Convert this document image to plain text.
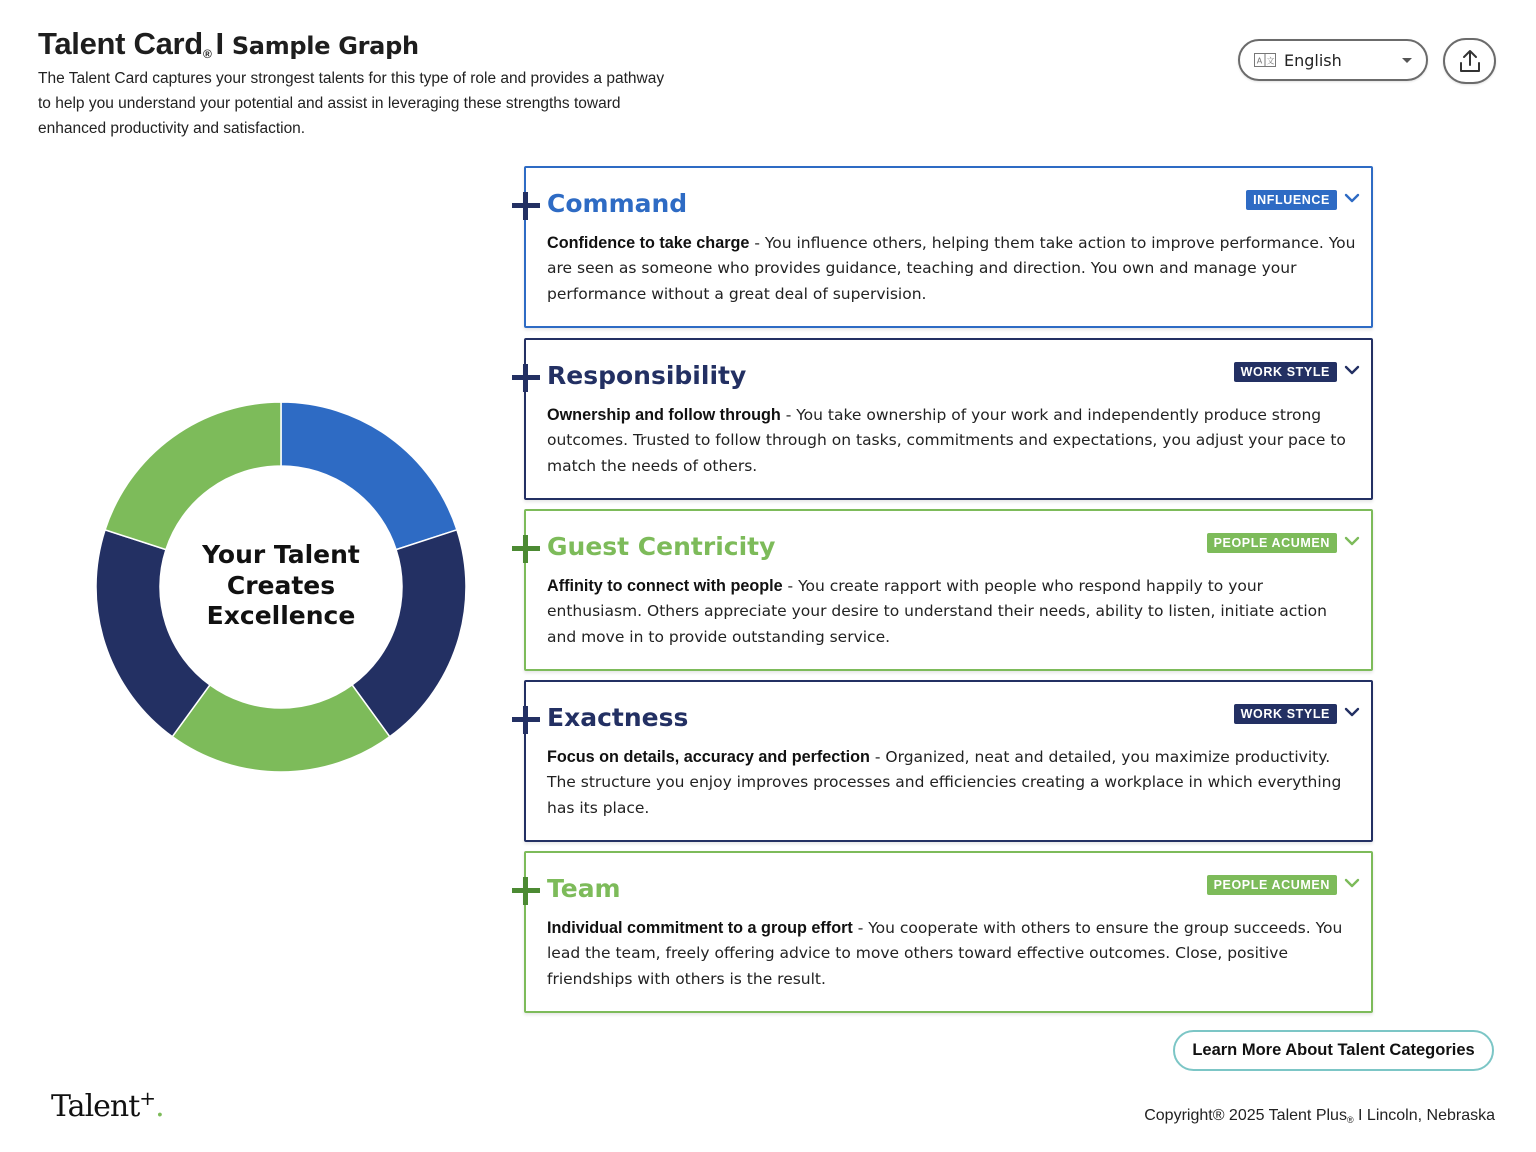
Talent Card® I Sample Graph

The Talent Card captures your strongest talents for this type of role and provides a pathway to help you understand your potential and assist in leveraging these strengths toward enhanced productivity and satisfaction.

A 文 English
Your Talent
Creates
Excellence
Command	INFLUENCE

Confidence to take charge - You influence others, helping them take action to improve performance. You are seen as someone who provides guidance, teaching and direction. You own and manage your performance without a great deal of supervision.

Responsibility	WORK STYLE

Ownership and follow through - You take ownership of your work and independently produce strong outcomes. Trusted to follow through on tasks, commitments and expectations, you adjust your pace to match the needs of others.

Guest Centricity	PEOPLE ACUMEN

Affinity to connect with people - You create rapport with people who respond happily to your enthusiasm. Others appreciate your desire to understand their needs, ability to listen, initiate action and move in to provide outstanding service.

Exactness	WORK STYLE

Focus on details, accuracy and perfection - Organized, neat and detailed, you maximize productivity. The structure you enjoy improves processes and efficiencies creating a workplace in which everything has its place.

Team	PEOPLE ACUMEN

Individual commitment to a group effort - You cooperate with others to ensure the group succeeds. You lead the team, freely offering advice to move others toward effective outcomes. Close, positive friendships with others is the result.

Learn More About Talent Categories
Talent+.	Copyright® 2025 Talent Plus® I Lincoln, Nebraska
